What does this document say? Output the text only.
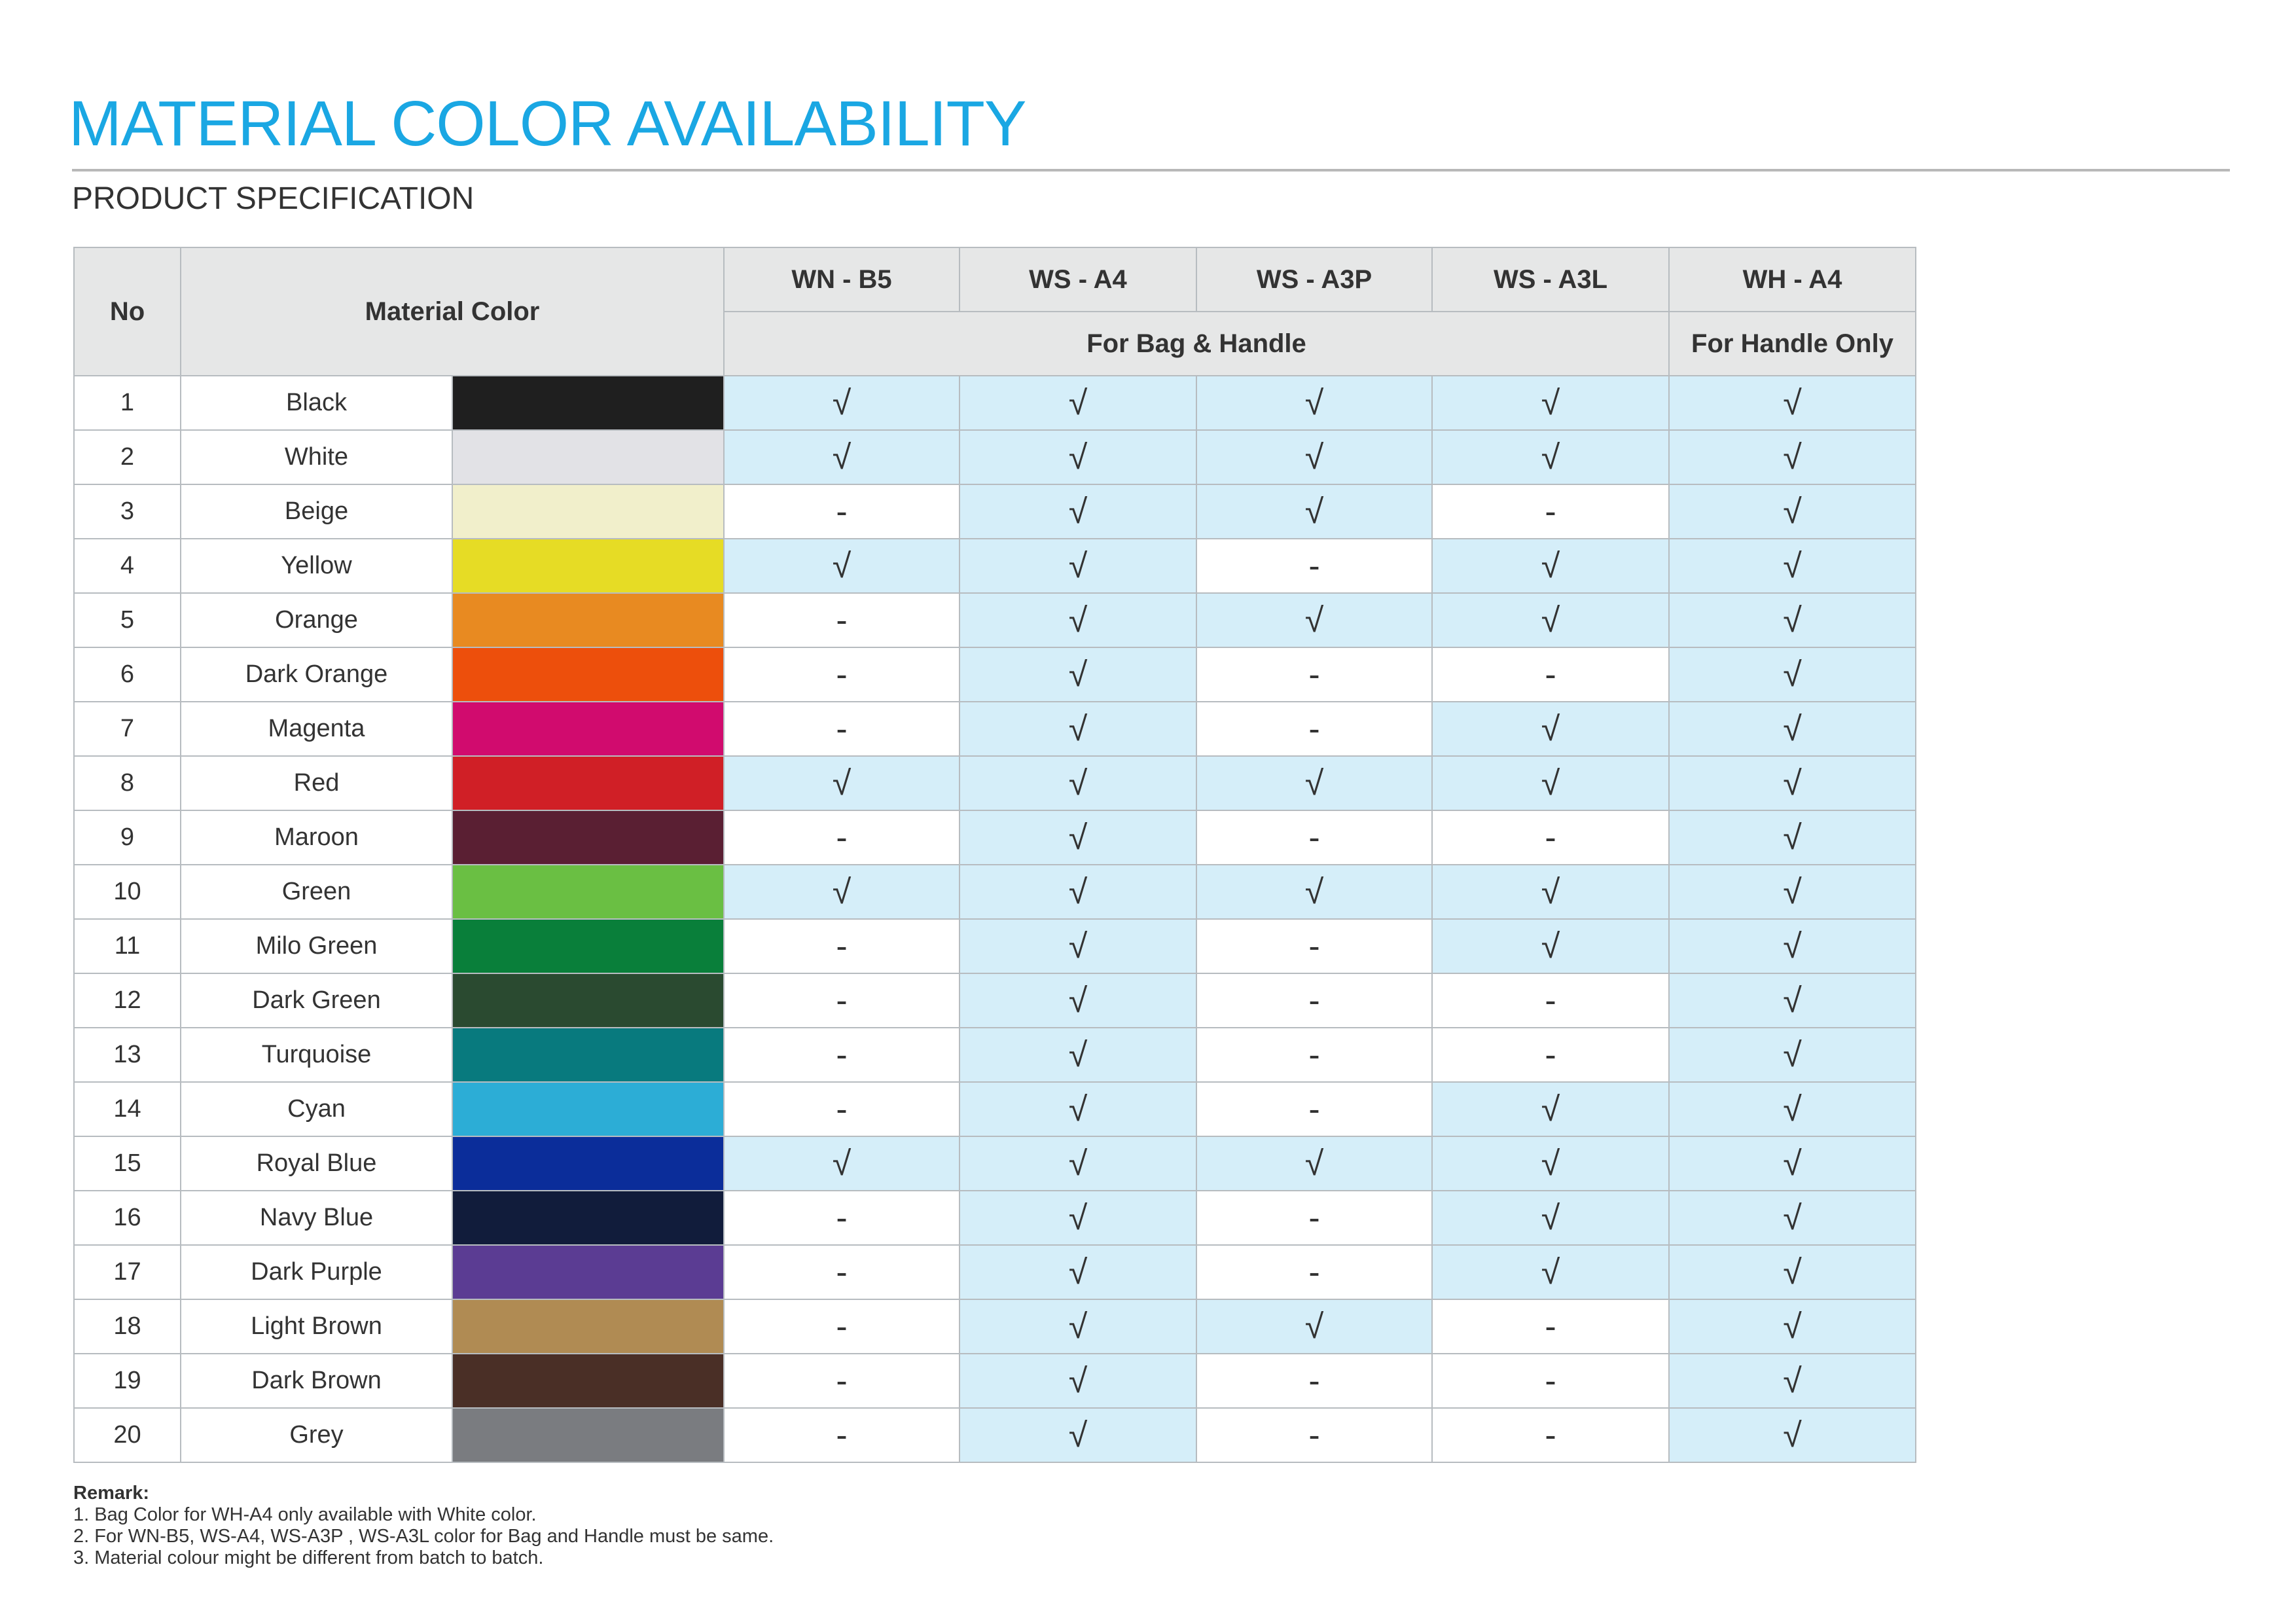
MATERIAL COLOR AVAILABILITY
PRODUCT SPECIFICATION
No	Material Color		WN - B5	WS - A4	WS - A3P	WS - A3L	WH - A4
			For Bag & Handle				For Handle Only
1	Black		√	√	√	√	√
2	White		√	√	√	√	√
3	Beige		-	√	√	-	√
4	Yellow		√	√	-	√	√
5	Orange		-	√	√	√	√
6	Dark Orange		-	√	-	-	√
7	Magenta		-	√	-	√	√
8	Red		√	√	√	√	√
9	Maroon		-	√	-	-	√
10	Green		√	√	√	√	√
11	Milo Green		-	√	-	√	√
12	Dark Green		-	√	-	-	√
13	Turquoise		-	√	-	-	√
14	Cyan		-	√	-	√	√
15	Royal Blue		√	√	√	√	√
16	Navy Blue		-	√	-	√	√
17	Dark Purple		-	√	-	√	√
18	Light Brown		-	√	√	-	√
19	Dark Brown		-	√	-	-	√
20	Grey		-	√	-	-	√
Remark:
1. Bag Color for WH-A4 only available with White color.
2. For WN-B5, WS-A4, WS-A3P , WS-A3L color for Bag and Handle must be same.
3. Material colour might be different from batch to batch.
